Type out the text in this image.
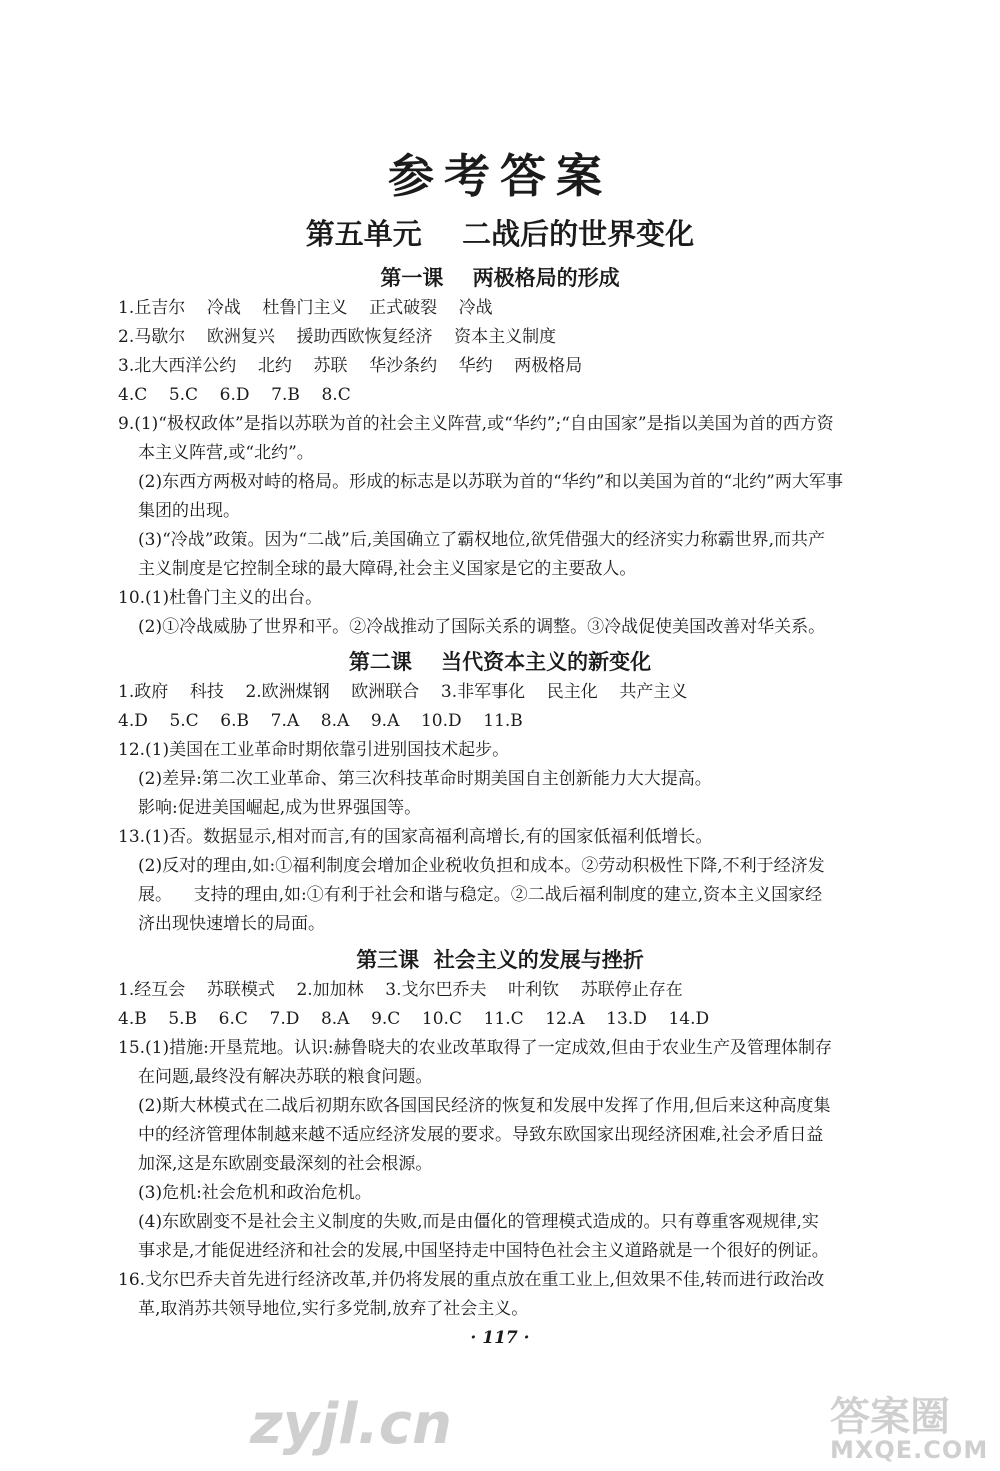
参考答案
第五单元    二战后的世界变化
第一课    两极格局的形成
1.丘吉尔    冷战    杜鲁门主义    正式破裂    冷战
2.马歇尔    欧洲复兴    援助西欧恢复经济    资本主义制度
3.北大西洋公约    北约    苏联    华沙条约    华约    两极格局
4.C    5.C    6.D    7.B    8.C
9.(1)“极权政体”是指以苏联为首的社会主义阵营,或“华约”;“自由国家”是指以美国为首的西方资
本主义阵营,或“北约”。
(2)东西方两极对峙的格局。形成的标志是以苏联为首的“华约”和以美国为首的“北约”两大军事
集团的出现。
(3)“冷战”政策。因为“二战”后,美国确立了霸权地位,欲凭借强大的经济实力称霸世界,而共产
主义制度是它控制全球的最大障碍,社会主义国家是它的主要敌人。
10.(1)杜鲁门主义的出台。
(2)①冷战威胁了世界和平。②冷战推动了国际关系的调整。③冷战促使美国改善对华关系。
第二课    当代资本主义的新变化
1.政府    科技    2.欧洲煤钢    欧洲联合    3.非军事化    民主化    共产主义
4.D    5.C    6.B    7.A    8.A    9.A    10.D    11.B
12.(1)美国在工业革命时期依靠引进别国技术起步。
(2)差异:第二次工业革命、第三次科技革命时期美国自主创新能力大大提高。
影响:促进美国崛起,成为世界强国等。
13.(1)否。数据显示,相对而言,有的国家高福利高增长,有的国家低福利低增长。
(2)反对的理由,如:①福利制度会增加企业税收负担和成本。②劳动积极性下降,不利于经济发
展。    支持的理由,如:①有利于社会和谐与稳定。②二战后福利制度的建立,资本主义国家经
济出现快速增长的局面。
第三课  社会主义的发展与挫折
1.经互会    苏联模式    2.加加林    3.戈尔巴乔夫    叶利钦    苏联停止存在
4.B    5.B    6.C    7.D    8.A    9.C    10.C    11.C    12.A    13.D    14.D
15.(1)措施:开垦荒地。认识:赫鲁晓夫的农业改革取得了一定成效,但由于农业生产及管理体制存
在问题,最终没有解决苏联的粮食问题。
(2)斯大林模式在二战后初期东欧各国国民经济的恢复和发展中发挥了作用,但后来这种高度集
中的经济管理体制越来越不适应经济发展的要求。导致东欧国家出现经济困难,社会矛盾日益
加深,这是东欧剧变最深刻的社会根源。
(3)危机:社会危机和政治危机。
(4)东欧剧变不是社会主义制度的失败,而是由僵化的管理模式造成的。只有尊重客观规律,实
事求是,才能促进经济和社会的发展,中国坚持走中国特色社会主义道路就是一个很好的例证。
16.戈尔巴乔夫首先进行经济改革,并仍将发展的重点放在重工业上,但效果不佳,转而进行政治改
革,取消苏共领导地位,实行多党制,放弃了社会主义。
· 117 ·
zyjl.cn	答案圈
MXQE.COM
